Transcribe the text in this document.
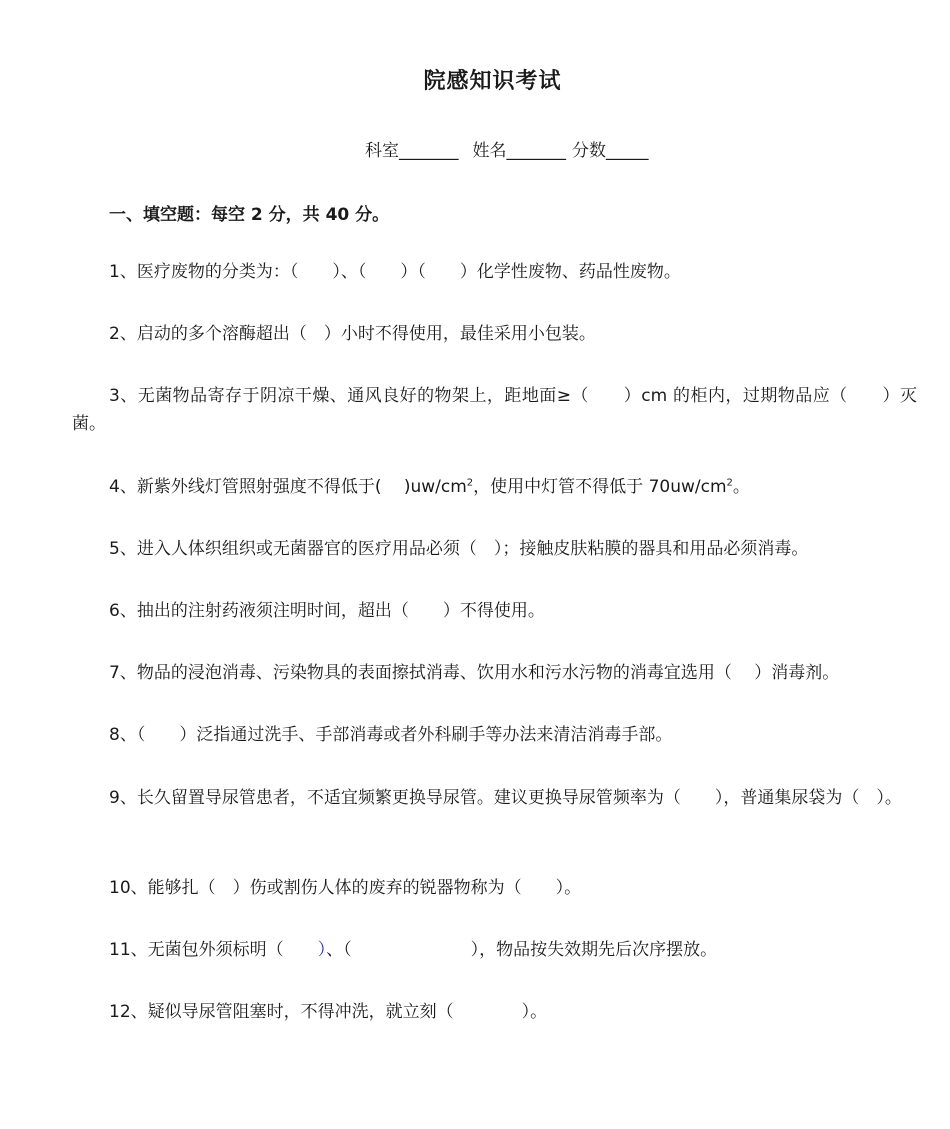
院感知识考试
科室_______ 姓名_______ 分数_____
一、填空题：每空 2 分，共 40 分。

1、医疗废物的分类为：（　　）、（　　）（　　）化学性废物、药品性废物。

2、启动的多个溶酶超出（　）小时不得使用，最佳采用小包装。

3、无菌物品寄存于阴凉干燥、通风良好的物架上，距地面≥（　　）cm 的柜内，过期物品应（　　）灭菌。

4、新紫外线灯管照射强度不得低于(　 )$uw/cm^2$，使用中灯管不得低于 $70uw/cm^2$。

5、进入人体织组织或无菌器官的医疗用品必须（　）；接触皮肤粘膜的器具和用品必须消毒。

6、抽出的注射药液须注明时间，超出（　　）不得使用。

7、物品的浸泡消毒、污染物具的表面擦拭消毒、饮用水和污水污物的消毒宜选用（　 ）消毒剂。

8、（　　）泛指通过洗手、手部消毒或者外科刷手等办法来清洁消毒手部。

9、长久留置导尿管患者，不适宜频繁更换导尿管。建议更换导尿管频率为（　　），普通集尿袋为（　）。

10、能够扎（　）伤或割伤人体的废弃的锐器物称为（　　）。

11、无菌包外须标明（　　）、（　　　　　　　），物品按失效期先后次序摆放。

12、疑似导尿管阻塞时，不得冲洗，就立刻（　　　　）。
